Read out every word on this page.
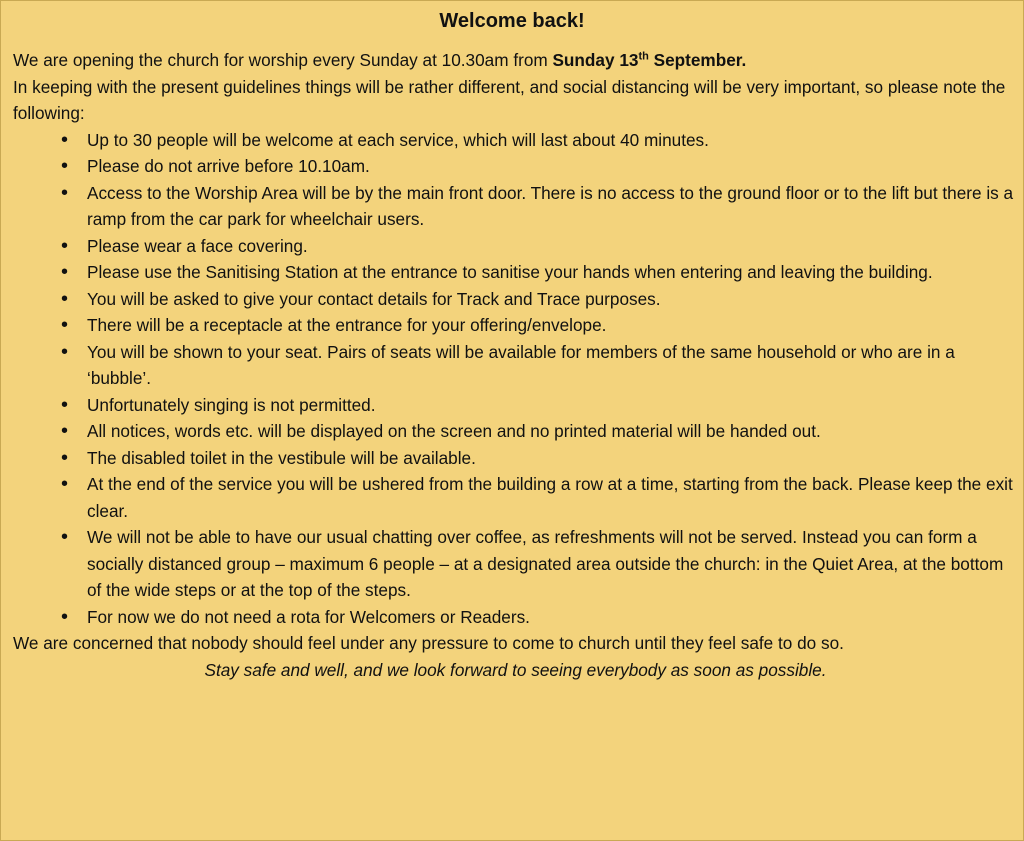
Welcome back!

We are opening the church for worship every Sunday at 10.30am from Sunday 13th September.

In keeping with the present guidelines things will be rather different, and social distancing will be very important, so please note the following:

• Up to 30 people will be welcome at each service, which will last about 40 minutes.
• Please do not arrive before 10.10am.
• Access to the Worship Area will be by the main front door. There is no access to the ground floor or to the lift but there is a ramp from the car park for wheelchair users.
• Please wear a face covering.
• Please use the Sanitising Station at the entrance to sanitise your hands when entering and leaving the building.
• You will be asked to give your contact details for Track and Trace purposes.
• There will be a receptacle at the entrance for your offering/envelope.
• You will be shown to your seat. Pairs of seats will be available for members of the same household or who are in a ‘bubble’.
• Unfortunately singing is not permitted.
• All notices, words etc. will be displayed on the screen and no printed material will be handed out.
• The disabled toilet in the vestibule will be available.
• At the end of the service you will be ushered from the building a row at a time, starting from the back. Please keep the exit clear.
• We will not be able to have our usual chatting over coffee, as refreshments will not be served. Instead you can form a socially distanced group – maximum 6 people – at a designated area outside the church: in the Quiet Area, at the bottom of the wide steps or at the top of the steps.
• For now we do not need a rota for Welcomers or Readers.

We are concerned that nobody should feel under any pressure to come to church until they feel safe to do so.

Stay safe and well, and we look forward to seeing everybody as soon as possible.
